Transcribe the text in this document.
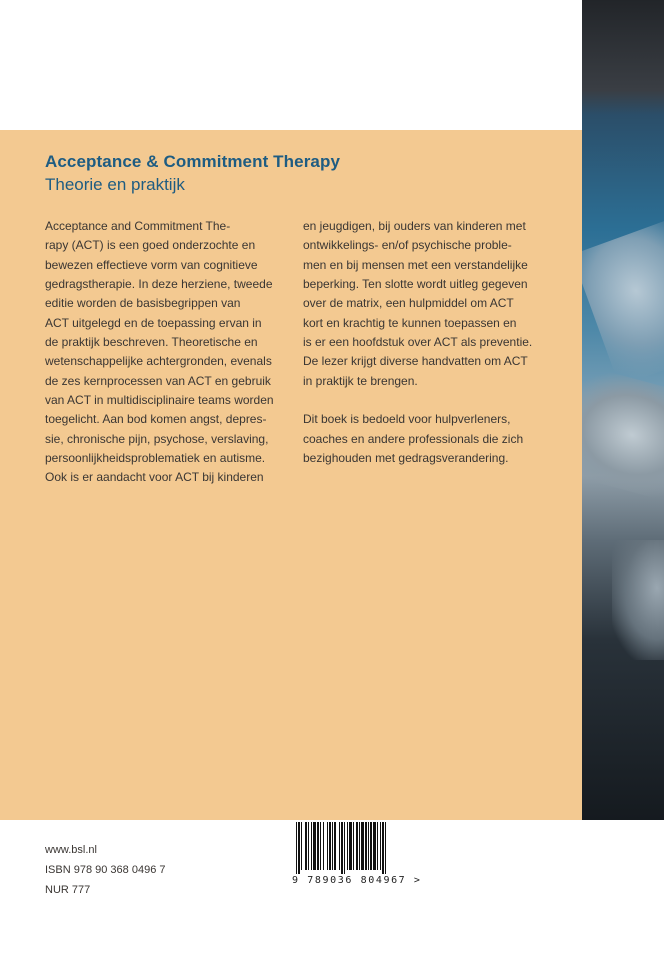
Acceptance & Commitment Therapy
Theorie en praktijk
Acceptance and Commitment The-
rapy (ACT) is een goed onderzochte en
bewezen effectieve vorm van cognitieve
gedragstherapie. In deze herziene, tweede
editie worden de basisbegrippen van
ACT uitgelegd en de toepassing ervan in
de praktijk beschreven. Theoretische en
wetenschappelijke achtergronden, evenals
de zes kernprocessen van ACT en gebruik
van ACT in multidisciplinaire teams worden
toegelicht. Aan bod komen angst, depres-
sie, chronische pijn, psychose, verslaving,
persoonlijkheidsproblematiek en autisme.
Ook is er aandacht voor ACT bij kinderen
en jeugdigen, bij ouders van kinderen met
ontwikkelings- en/of psychische proble-
men en bij mensen met een verstandelijke
beperking. Ten slotte wordt uitleg gegeven
over de matrix, een hulpmiddel om ACT
kort en krachtig te kunnen toepassen en
is er een hoofdstuk over ACT als preventie.
De lezer krijgt diverse handvatten om ACT
in praktijk te brengen.
Dit boek is bedoeld voor hulpverleners,
coaches en andere professionals die zich
bezighouden met gedragsverandering.
www.bsl.nl
ISBN 978 90 368 0496 7
NUR 777
9 789036 804967 >
